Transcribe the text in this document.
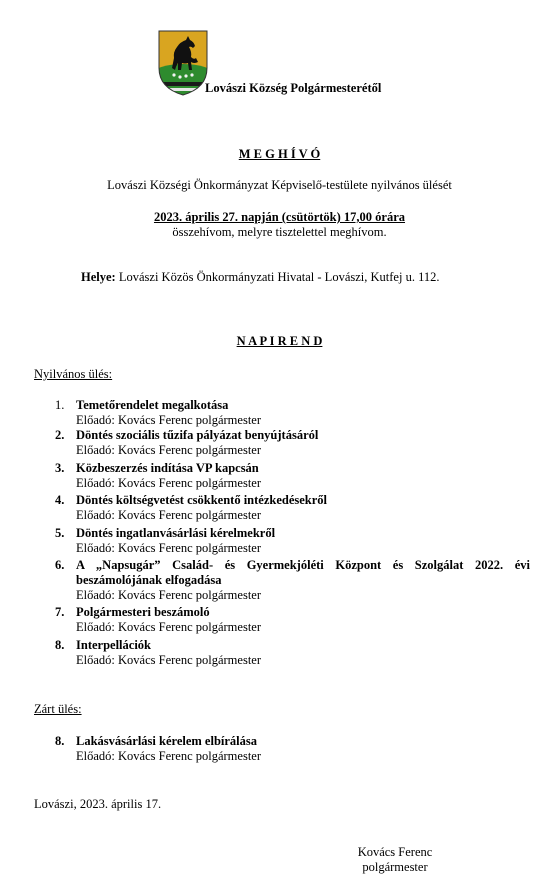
Lovászi Község Polgármesterétől
M E G H Í V Ó
Lovászi Községi Önkormányzat Képviselő-testülete nyilvános ülését
2023. április 27. napján (csütörtök) 17,00 órára
összehívom, melyre tisztelettel meghívom.
Helye: Lovászi Közös Önkormányzati Hivatal - Lovászi, Kutfej u. 112.
N A P I R E N D
Nyilvános ülés:
1. Temetőrendelet megalkotása
Előadó: Kovács Ferenc polgármester
2. Döntés szociális tűzifa pályázat benyújtásáról
Előadó: Kovács Ferenc polgármester
3. Közbeszerzés indítása VP kapcsán
Előadó: Kovács Ferenc polgármester
4. Döntés költségvetést csökkentő intézkedésekről
Előadó: Kovács Ferenc polgármester
5. Döntés ingatlanvásárlási kérelmekről
Előadó: Kovács Ferenc polgármester
6. A „Napsugár” Család- és Gyermekjóléti Központ és Szolgálat 2022. évi
beszámolójának elfogadása
Előadó: Kovács Ferenc polgármester
7. Polgármesteri beszámoló
Előadó: Kovács Ferenc polgármester
8. Interpellációk
Előadó: Kovács Ferenc polgármester
Zárt ülés:
8. Lakásvásárlási kérelem elbírálása
Előadó: Kovács Ferenc polgármester
Lovászi, 2023. április 17.
Kovács Ferenc
polgármester
